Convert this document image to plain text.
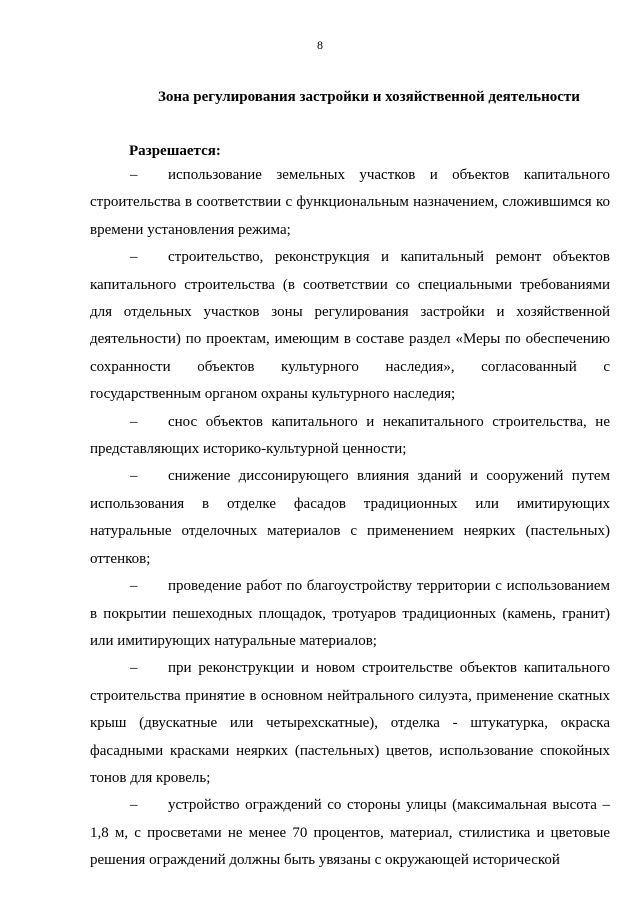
8
Зона регулирования застройки и хозяйственной деятельности
Разрешается:

– использование земельных участков и объектов капитального строительства в соответствии с функциональным назначением, сложившимся ко времени установления режима;

– строительство, реконструкция и капитальный ремонт объектов капитального строительства (в соответствии со специальными требованиями для отдельных участков зоны регулирования застройки и хозяйственной деятельности) по проектам, имеющим в составе раздел «Меры по обеспечению сохранности объектов культурного наследия», согласованный с государственным органом охраны культурного наследия;

– снос объектов капитального и некапитального строительства, не представляющих историко-культурной ценности;

– снижение диссонирующего влияния зданий и сооружений путем использования в отделке фасадов традиционных или имитирующих натуральные отделочных материалов с применением неярких (пастельных) оттенков;

– проведение работ по благоустройству территории с использованием в покрытии пешеходных площадок, тротуаров традиционных (камень, гранит) или имитирующих натуральные материалов;

– при реконструкции и новом строительстве объектов капитального строительства принятие в основном нейтрального силуэта, применение скатных крыш (двускатные или четырехскатные), отделка - штукатурка, окраска фасадными красками неярких (пастельных) цветов, использование спокойных тонов для кровель;

– устройство ограждений со стороны улицы (максимальная высота – 1,8 м, с просветами не менее 70 процентов, материал, стилистика и цветовые решения ограждений должны быть увязаны с окружающей исторической
